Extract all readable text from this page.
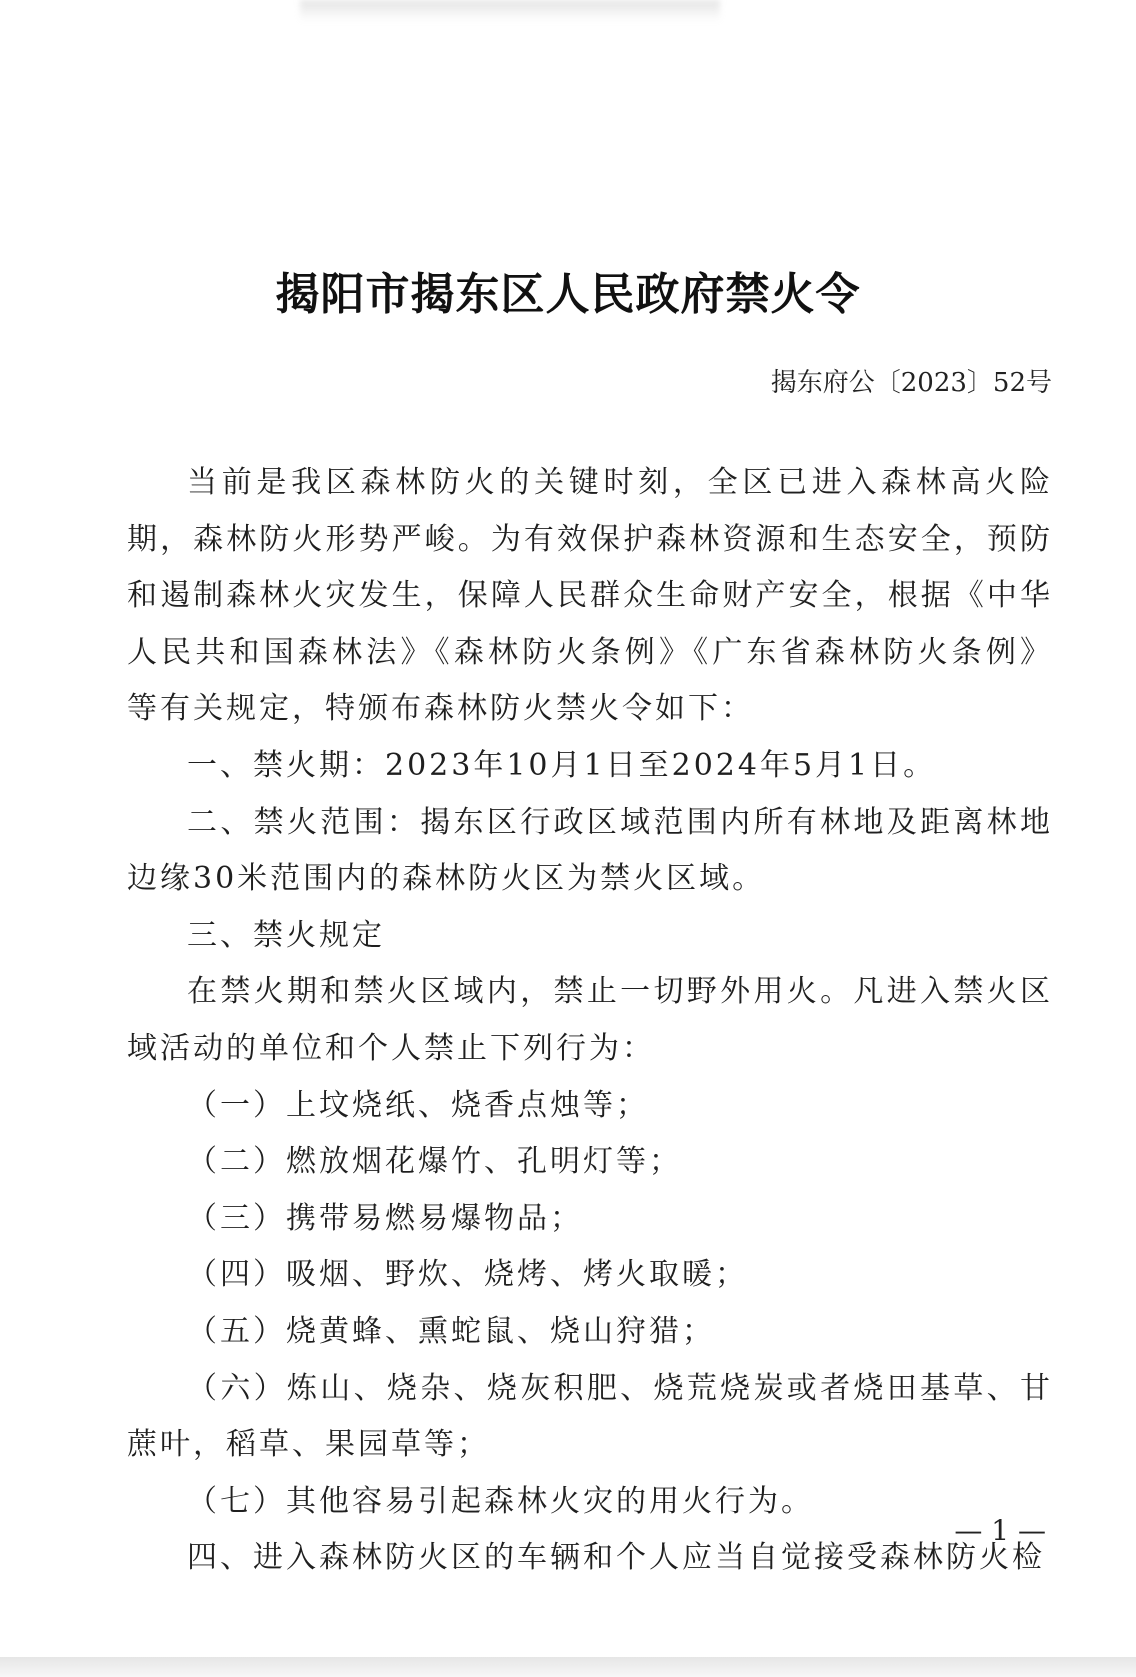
揭阳市揭东区人民政府禁火令
揭东府公〔2023〕52号

当前是我区森林防火的关键时刻，全区已进入森林高火险期，森林防火形势严峻。为有效保护森林资源和生态安全，预防和遏制森林火灾发生，保障人民群众生命财产安全，根据《中华人民共和国森林法》《森林防火条例》《广东省森林防火条例》等有关规定，特颁布森林防火禁火令如下：

一、禁火期：2023年10月1日至2024年5月1日。

二、禁火范围：揭东区行政区域范围内所有林地及距离林地边缘30米范围内的森林防火区为禁火区域。

三、禁火规定

在禁火期和禁火区域内，禁止一切野外用火。凡进入禁火区域活动的单位和个人禁止下列行为：

（一）上坟烧纸、烧香点烛等；

（二）燃放烟花爆竹、孔明灯等；

（三）携带易燃易爆物品；

（四）吸烟、野炊、烧烤、烤火取暖；

（五）烧黄蜂、熏蛇鼠、烧山狩猎；

（六）炼山、烧杂、烧灰积肥、烧荒烧炭或者烧田基草、甘蔗叶，稻草、果园草等；

（七）其他容易引起森林火灾的用火行为。

四、进入森林防火区的车辆和个人应当自觉接受森林防火检

— 1 —
